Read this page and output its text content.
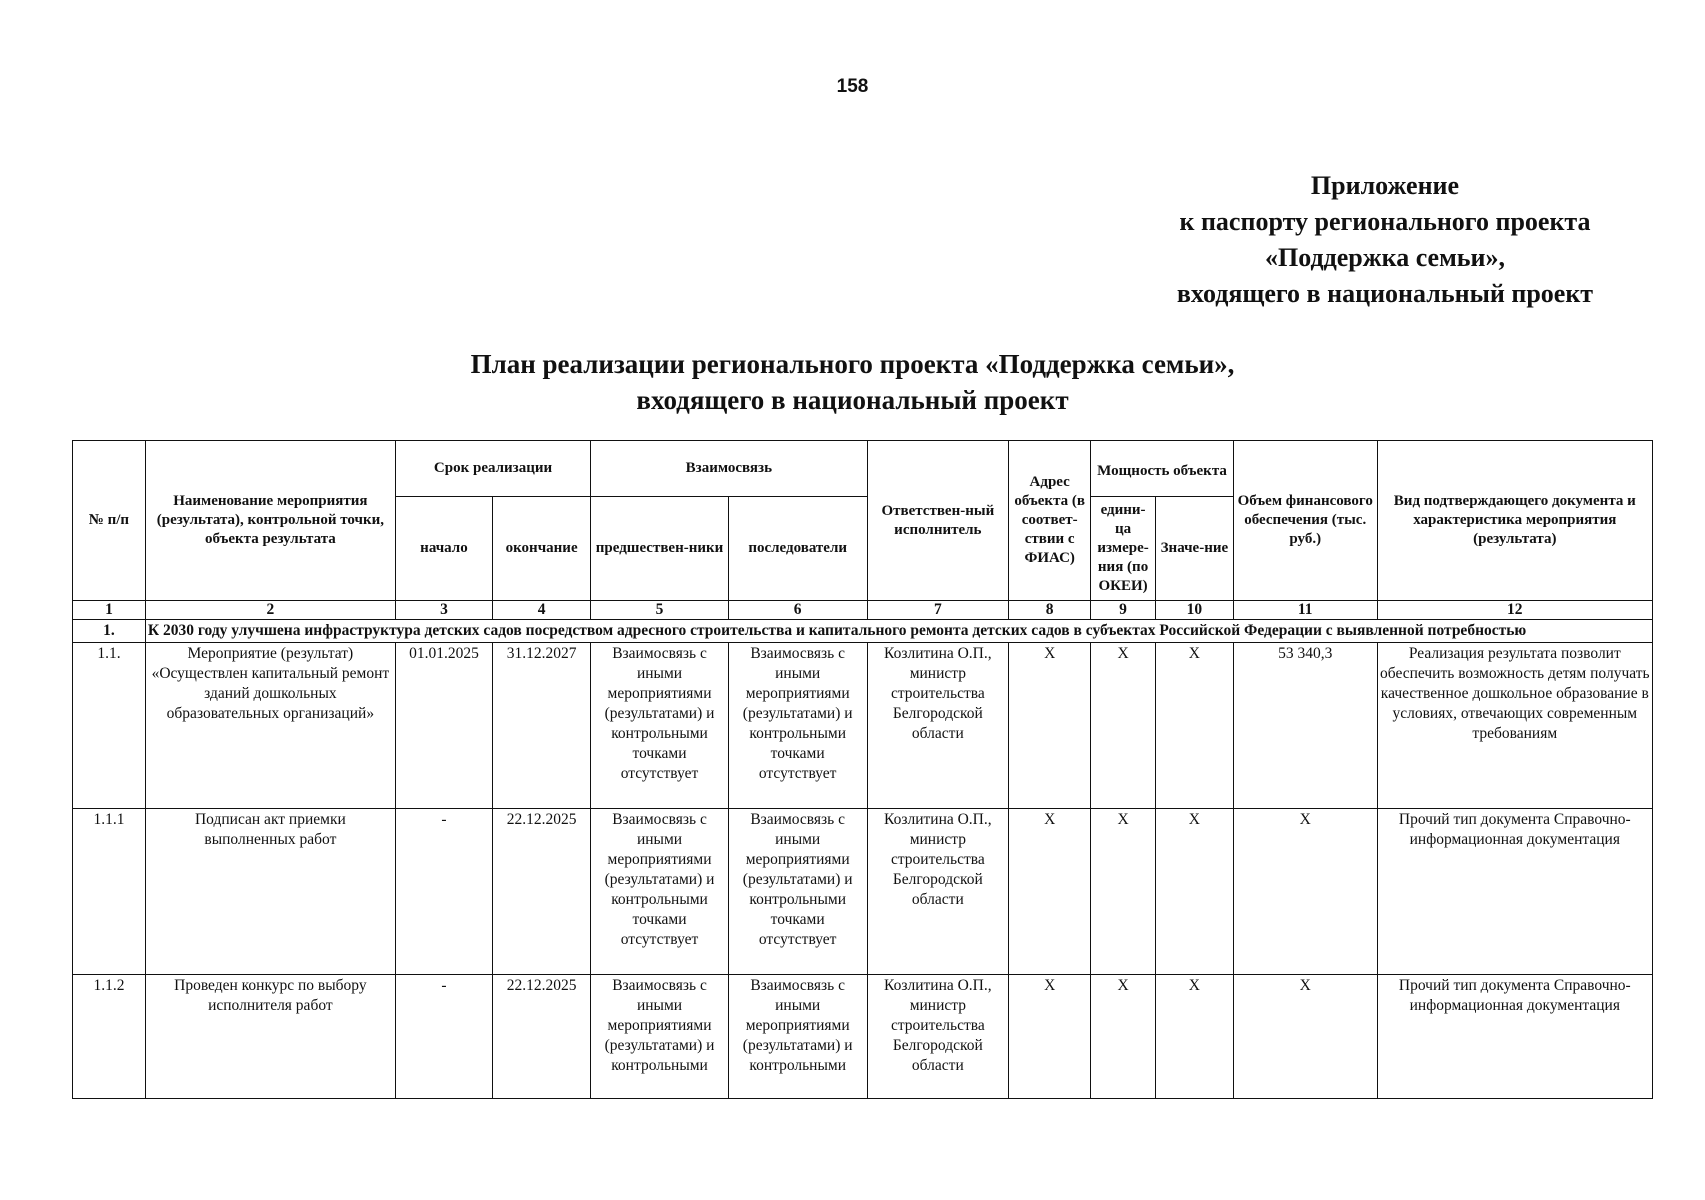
158
Приложение
к паспорту регионального проекта
«Поддержка семьи»,
входящего в национальный проект
План реализации регионального проекта «Поддержка семьи»,
входящего в национальный проект
№ п/п	Наименование мероприятия (результата), контрольной точки, объекта результата	Срок реализации		Взаимосвязь		Ответствен-ный исполнитель	Адрес объекта (в соответ-ствии с ФИАС)	Мощность объекта		Объем финансового обеспечения (тыс. руб.)	Вид подтверждающего документа и характеристика мероприятия (результата)
		начало	окончание	предшествен-ники	последователи			едини-ца измере-ния (по ОКЕИ)	Значе-ние		
1	2	3	4	5	6	7	8	9	10	11	12
1.	К 2030 году улучшена инфраструктура детских садов посредством адресного строительства и капитального ремонта детских садов в субъектах Российской Федерации с выявленной потребностью										
1.1.	Мероприятие (результат) «Осуществлен капитальный ремонт зданий дошкольных образовательных организаций»	01.01.2025	31.12.2027	Взаимосвязь с иными мероприятиями (результатами) и контрольными точками отсутствует	Взаимосвязь с иными мероприятиями (результатами) и контрольными точками отсутствует	Козлитина О.П., министр строительства Белгородской области	X	X	X	53 340,3	Реализация результата позволит обеспечить возможность детям получать качественное дошкольное образование в условиях, отвечающих современным требованиям
1.1.1	Подписан акт приемки выполненных работ	-	22.12.2025	Взаимосвязь с иными мероприятиями (результатами) и контрольными точками отсутствует	Взаимосвязь с иными мероприятиями (результатами) и контрольными точками отсутствует	Козлитина О.П., министр строительства Белгородской области	X	X	X	X	Прочий тип документа Справочно-информационная документация
1.1.2	Проведен конкурс по выбору исполнителя работ	-	22.12.2025	Взаимосвязь с иными мероприятиями (результатами) и контрольными	Взаимосвязь с иными мероприятиями (результатами) и контрольными	Козлитина О.П., министр строительства Белгородской области	X	X	X	X	Прочий тип документа Справочно-информационная документация
